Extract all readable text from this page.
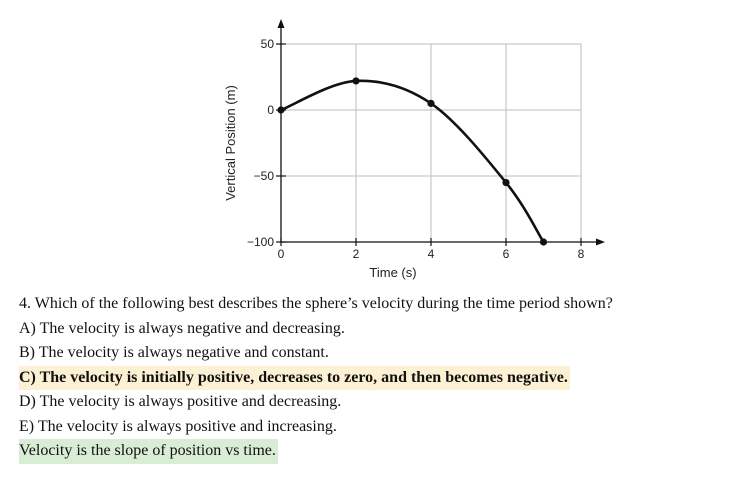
50
0
−50
−100
0	2	4	6	8
Time (s)
Vertical Position (m)
4. Which of the following best describes the sphere’s velocity during the time period shown?
A) The velocity is always negative and decreasing.
B) The velocity is always negative and constant.
C) The velocity is initially positive, decreases to zero, and then becomes negative.
D) The velocity is always positive and decreasing.
E) The velocity is always positive and increasing.
Velocity is the slope of position vs time.
